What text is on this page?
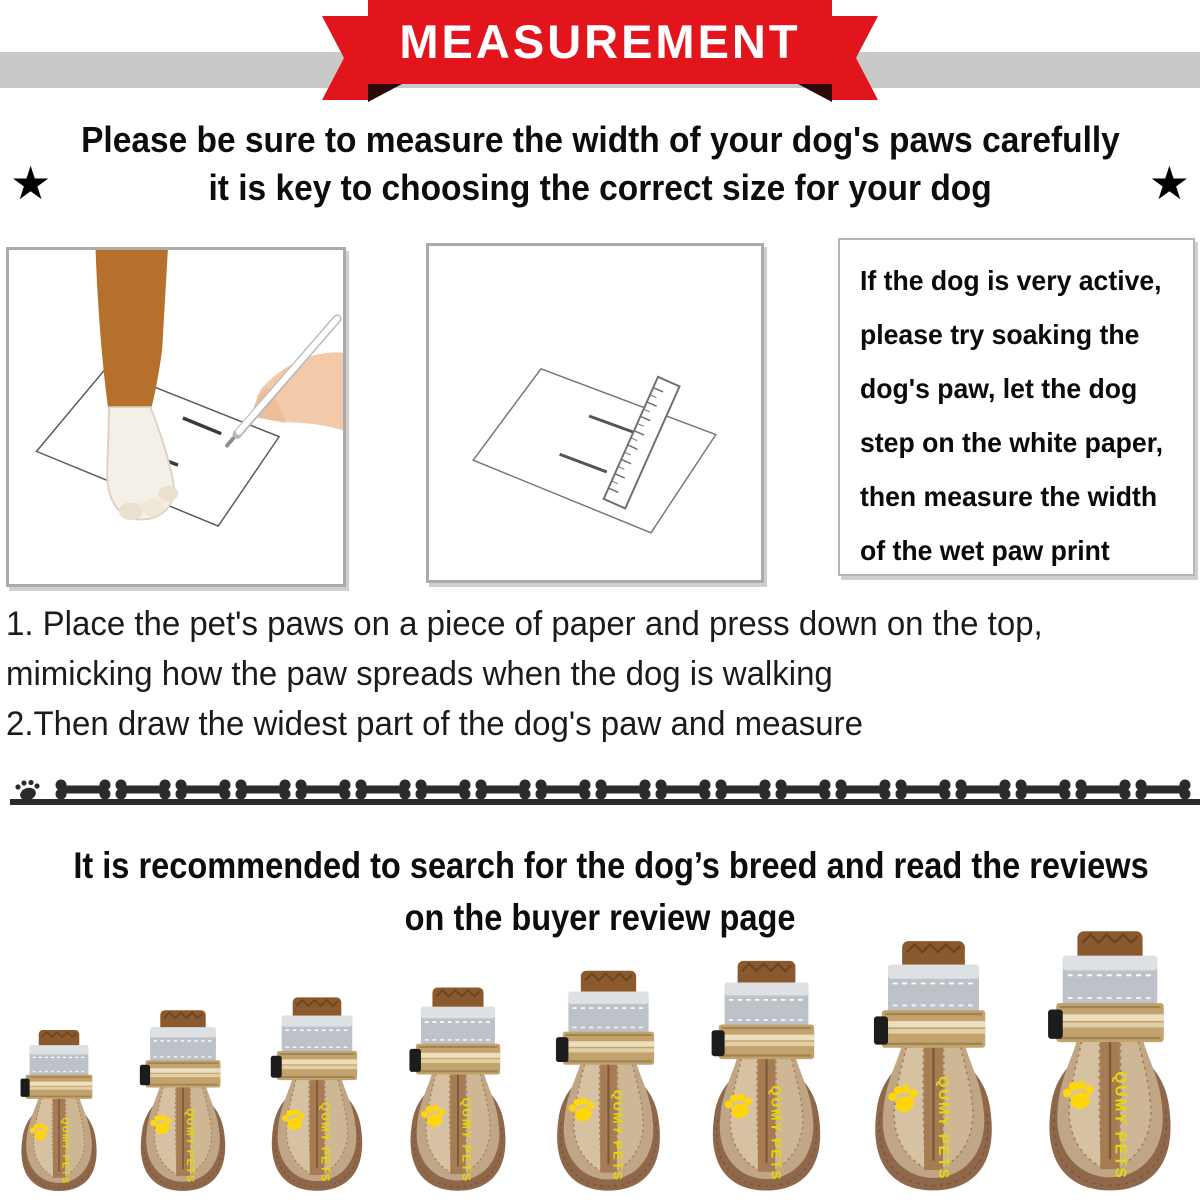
MEASUREMENT
Please be sure to measure the width of your dog's paws carefully
it is key to choosing the correct size for your dog
★	★
If the dog is very active,
please try soaking the
dog's paw, let the dog
step on the white paper,
then measure the width
of the wet paw print
1. Place the pet's paws on a piece of paper and press down on the top,
mimicking how the paw spreads when the dog is walking
2.Then draw the widest part of the dog's paw and measure
It is recommended to search for the dog’s breed and read the reviews
on the buyer review page
QUMY PETS	QUMY PETS	QUMY PETS	QUMY PETS	QUMY PETS	QUMY PETS	QUMY PETS	QUMY PETS
